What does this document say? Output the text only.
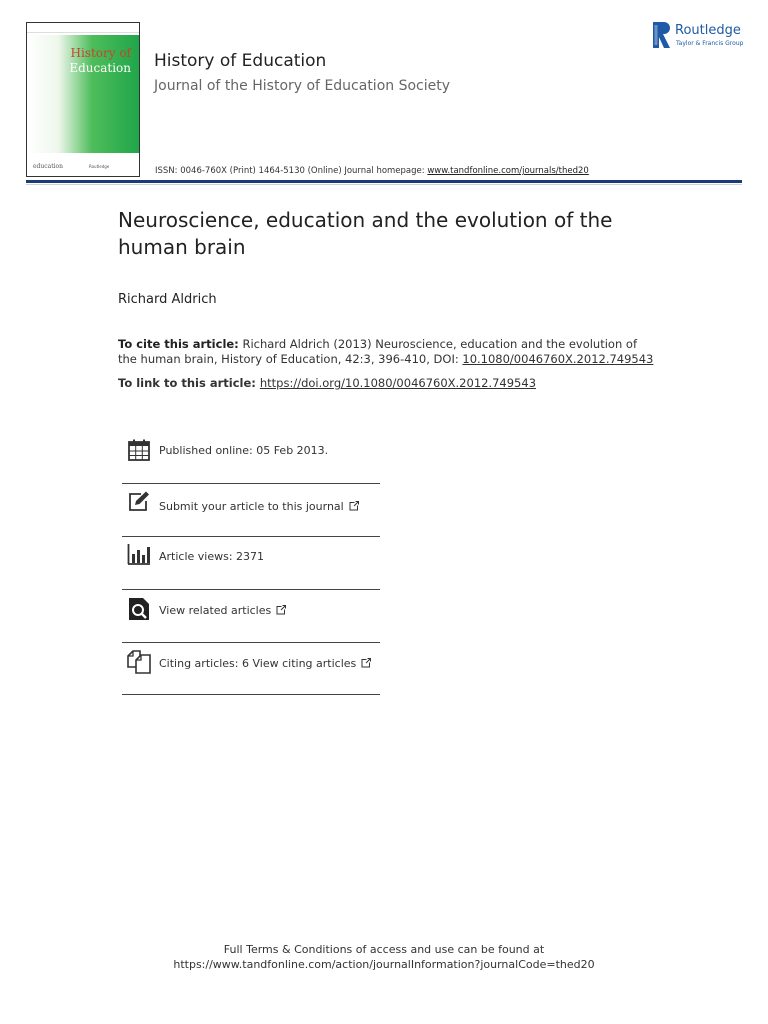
History of
Education
education	Routledge
History of Education
Journal of the History of Education Society
ISSN: 0046-760X (Print) 1464-5130 (Online) Journal homepage: www.tandfonline.com/journals/thed20
Routledge
Taylor & Francis Group
Neuroscience, education and the evolution of the human brain
Richard Aldrich
To cite this article: Richard Aldrich (2013) Neuroscience, education and the evolution of the human brain, History of Education, 42:3, 396-410, DOI: 10.1080/0046760X.2012.749543
To link to this article: https://doi.org/10.1080/0046760X.2012.749543
Published online: 05 Feb 2013.
Submit your article to this journal
Article views: 2371
View related articles
Citing articles: 6 View citing articles
Full Terms & Conditions of access and use can be found at
https://www.tandfonline.com/action/journalInformation?journalCode=thed20
